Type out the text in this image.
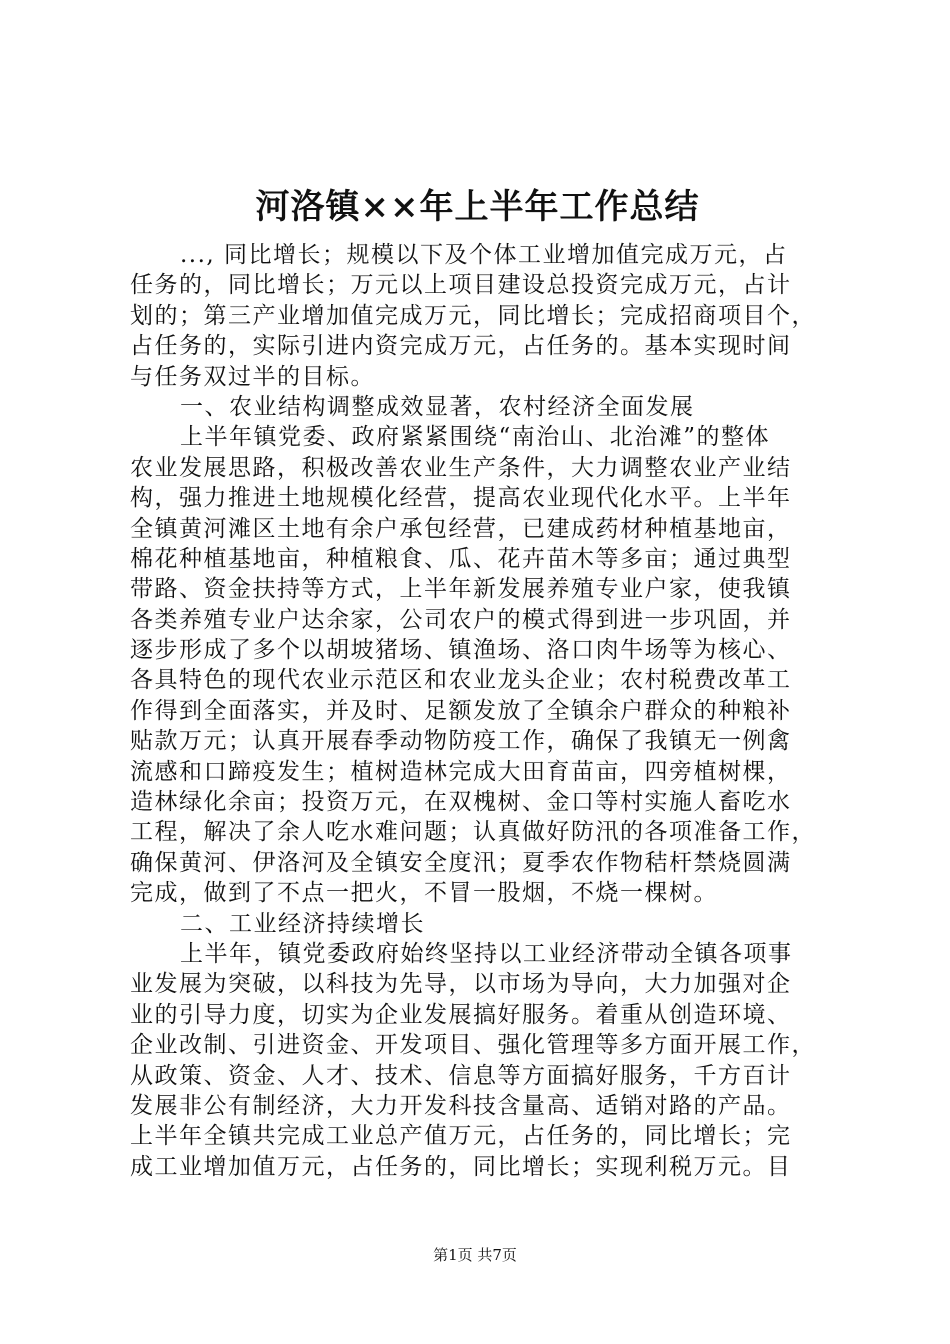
河洛镇××年上半年工作总结
..., 同比增长；规模以下及个体工业增加值完成万元，占
任务的，同比增长；万元以上项目建设总投资完成万元，占计
划的；第三产业增加值完成万元，同比增长；完成招商项目个，
占任务的，实际引进内资完成万元，占任务的。基本实现时间
与任务双过半的目标。
一、农业结构调整成效显著，农村经济全面发展
上半年镇党委、政府紧紧围绕“南治山、北治滩”的整体
农业发展思路，积极改善农业生产条件，大力调整农业产业结
构，强力推进土地规模化经营，提高农业现代化水平。上半年
全镇黄河滩区土地有余户承包经营，已建成药材种植基地亩，
棉花种植基地亩，种植粮食、瓜、花卉苗木等多亩；通过典型
带路、资金扶持等方式，上半年新发展养殖专业户家，使我镇
各类养殖专业户达余家，公司农户的模式得到进一步巩固，并
逐步形成了多个以胡坡猪场、镇渔场、洛口肉牛场等为核心、
各具特色的现代农业示范区和农业龙头企业；农村税费改革工
作得到全面落实，并及时、足额发放了全镇余户群众的种粮补
贴款万元；认真开展春季动物防疫工作，确保了我镇无一例禽
流感和口蹄疫发生；植树造林完成大田育苗亩，四旁植树棵，
造林绿化余亩；投资万元，在双槐树、金口等村实施人畜吃水
工程，解决了余人吃水难问题；认真做好防汛的各项准备工作，
确保黄河、伊洛河及全镇安全度汛；夏季农作物秸杆禁烧圆满
完成，做到了不点一把火，不冒一股烟，不烧一棵树。
二、工业经济持续增长
上半年，镇党委政府始终坚持以工业经济带动全镇各项事
业发展为突破，以科技为先导，以市场为导向，大力加强对企
业的引导力度，切实为企业发展搞好服务。着重从创造环境、
企业改制、引进资金、开发项目、强化管理等多方面开展工作，
从政策、资金、人才、技术、信息等方面搞好服务，千方百计
发展非公有制经济，大力开发科技含量高、适销对路的产品。
上半年全镇共完成工业总产值万元，占任务的，同比增长；完
成工业增加值万元，占任务的，同比增长；实现利税万元。目
第1页 共7页
